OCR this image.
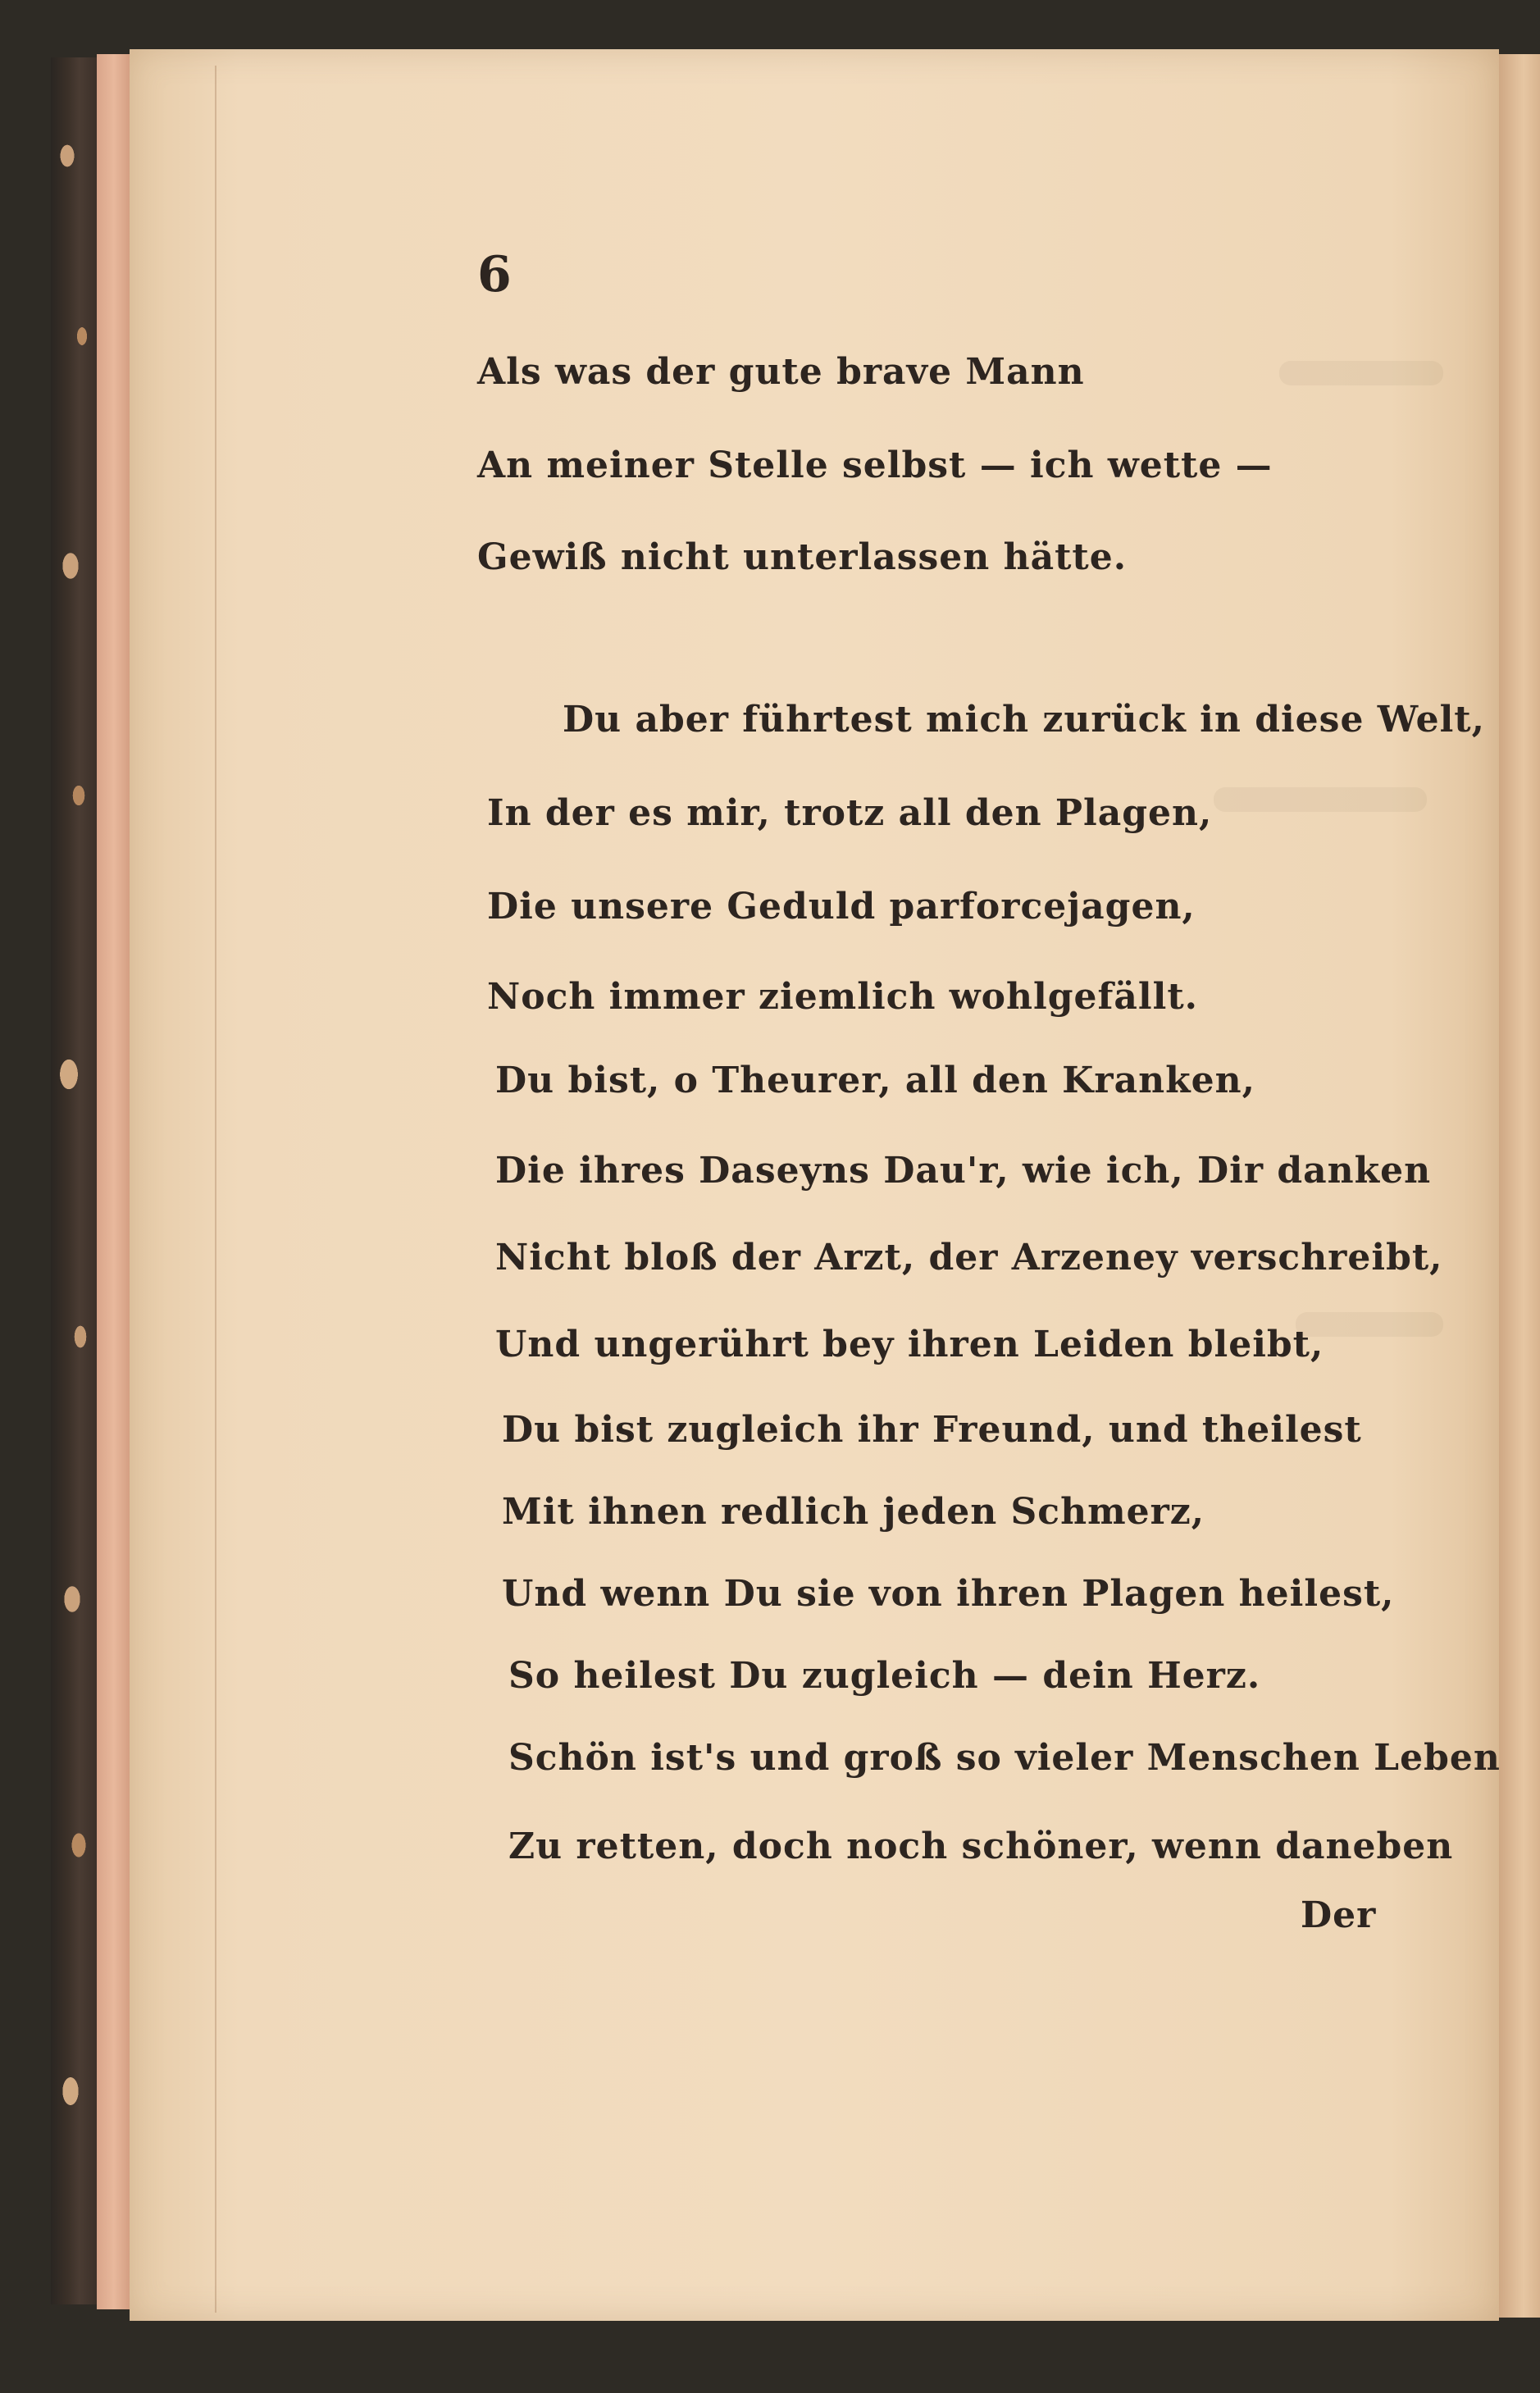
6
Als was der gute brave Mann
An meiner Stelle selbst — ich wette —
Gewiß nicht unterlassen hätte.
Du aber führtest mich zurück in diese Welt,
In der es mir, trotz all den Plagen,
Die unsere Geduld parforcejagen,
Noch immer ziemlich wohlgefällt.
Du bist, o Theurer, all den Kranken,
Die ihres Daseyns Dau'r, wie ich, Dir danken
Nicht bloß der Arzt, der Arzeney verschreibt,
Und ungerührt bey ihren Leiden bleibt,
Du bist zugleich ihr Freund, und theilest
Mit ihnen redlich jeden Schmerz,
Und wenn Du sie von ihren Plagen heilest,
So heilest Du zugleich — dein Herz.
Schön ist's und groß so vieler Menschen Leben
Zu retten, doch noch schöner, wenn daneben
Der
